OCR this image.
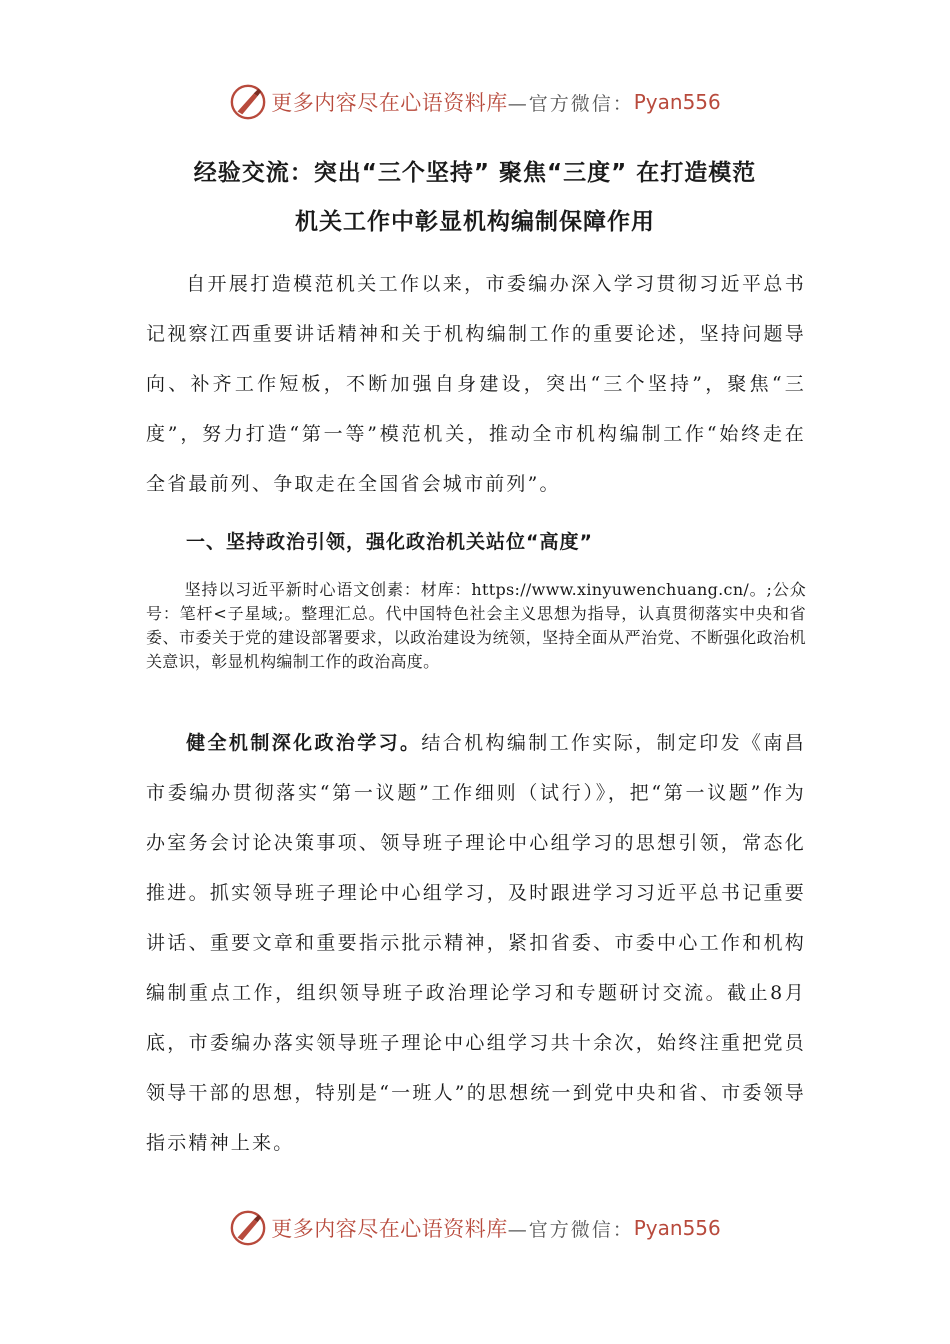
更多内容尽在心语资料库 —官方微信： Pyan556
经验交流：突出“三个坚持” 聚焦“三度” 在打造模范
机关工作中彰显机构编制保障作用

自开展打造模范机关工作以来，市委编办深入学习贯彻习近平总书记视察江西重要讲话精神和关于机构编制工作的重要论述，坚持问题导向、补齐工作短板，不断加强自身建设，突出“三个坚持”，聚焦“三度”，努力打造“第一等”模范机关，推动全市机构编制工作“始终走在全省最前列、争取走在全国省会城市前列”。

一、坚持政治引领，强化政治机关站位“高度”

坚持以习近平新时心语文创素：材库：https://www.xinyuwenchuang.cn/。;公众号：笔杆<子星域;。整理汇总。代中国特色社会主义思想为指导，认真贯彻落实中央和省委、市委关于党的建设部署要求，以政治建设为统领，坚持全面从严治党、不断强化政治机关意识，彰显机构编制工作的政治高度。

健全机制深化政治学习。结合机构编制工作实际，制定印发《南昌市委编办贯彻落实“第一议题”工作细则（试行）》，把“第一议题”作为办室务会讨论决策事项、领导班子理论中心组学习的思想引领，常态化推进。抓实领导班子理论中心组学习，及时跟进学习习近平总书记重要讲话、重要文章和重要指示批示精神，紧扣省委、市委中心工作和机构编制重点工作，组织领导班子政治理论学习和专题研讨交流。截止8月底，市委编办落实领导班子理论中心组学习共十余次，始终注重把党员领导干部的思想，特别是“一班人”的思想统一到党中央和省、市委领导指示精神上来。

更多内容尽在心语资料库 —官方微信： Pyan556
